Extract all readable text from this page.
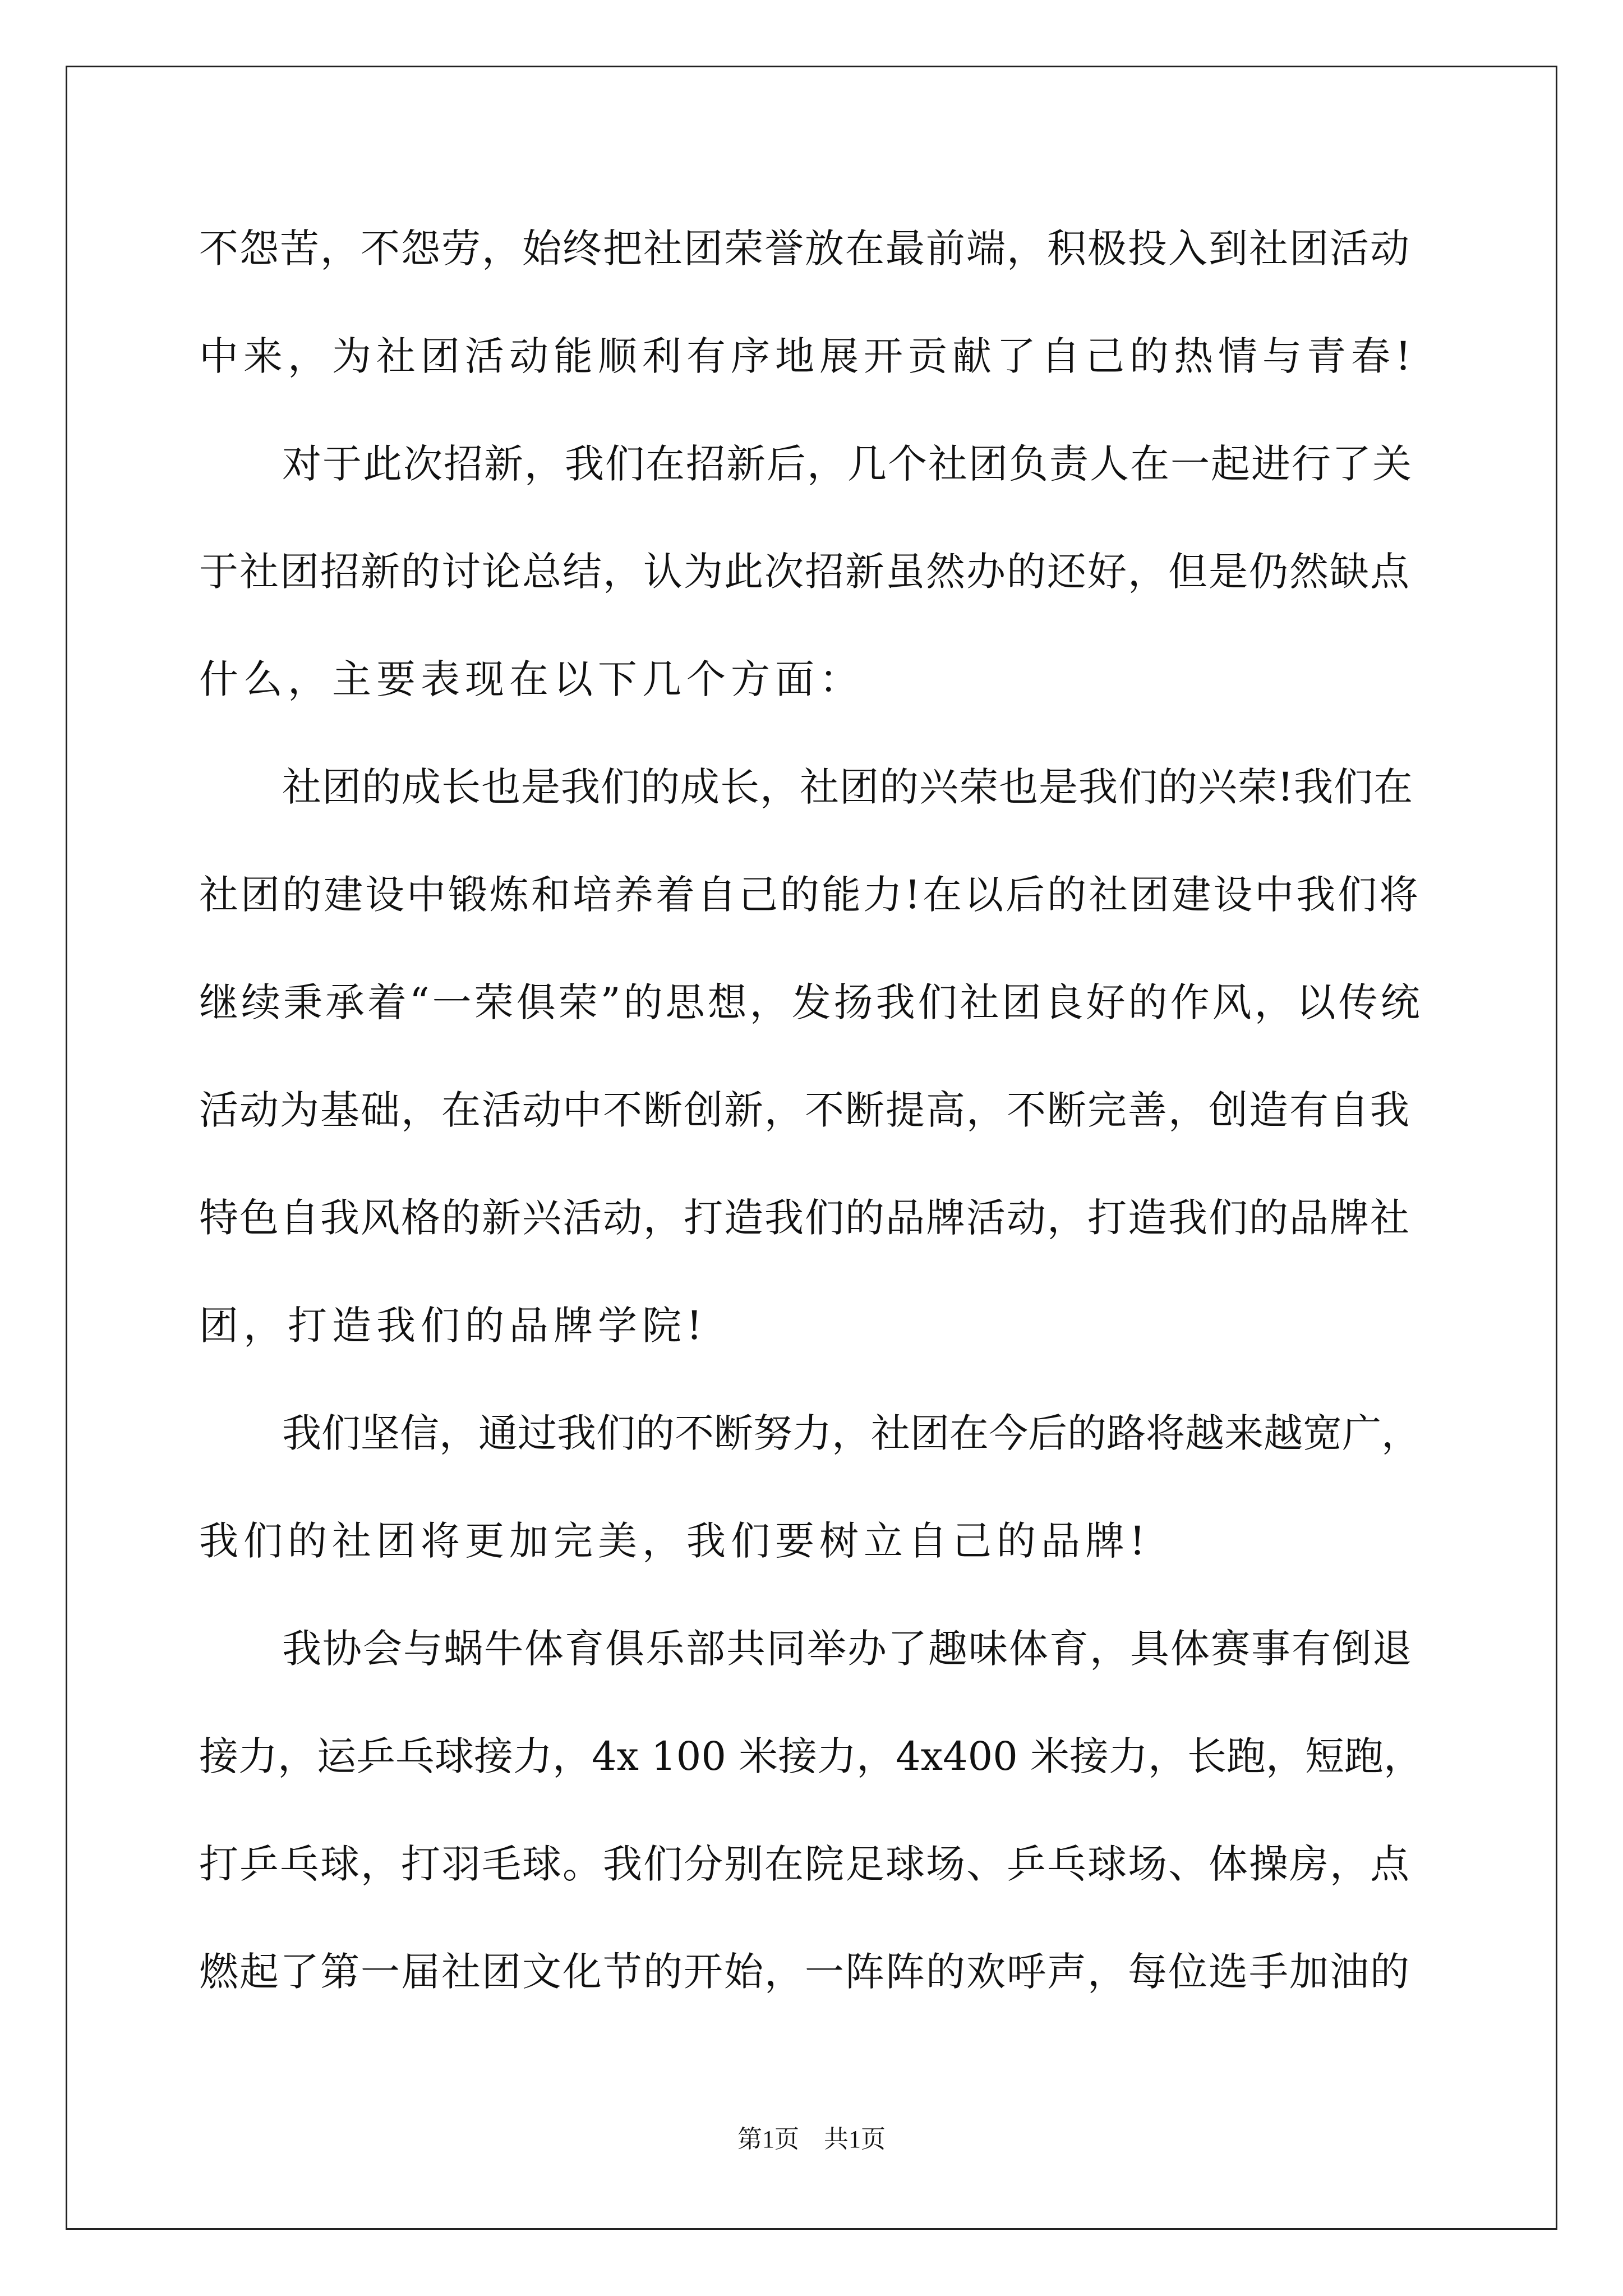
不怨苦，不怨劳，始终把社团荣誉放在最前端，积极投入到社团活动
中来，为社团活动能顺利有序地展开贡献了自己的热情与青春!
对于此次招新，我们在招新后，几个社团负责人在一起进行了关
于社团招新的讨论总结，认为此次招新虽然办的还好，但是仍然缺点
什么，主要表现在以下几个方面：
社团的成长也是我们的成长，社团的兴荣也是我们的兴荣!我们在
社团的建设中锻炼和培养着自己的能力!在以后的社团建设中我们将
继续秉承着“一荣俱荣”的思想，发扬我们社团良好的作风，以传统
活动为基础，在活动中不断创新，不断提高，不断完善，创造有自我
特色自我风格的新兴活动，打造我们的品牌活动，打造我们的品牌社
团，打造我们的品牌学院!
我们坚信，通过我们的不断努力，社团在今后的路将越来越宽广，
我们的社团将更加完美，我们要树立自己的品牌!
我协会与蜗牛体育俱乐部共同举办了趣味体育，具体赛事有倒退
接力，运乒乓球接力，4x 100 米接力，4x400 米接力，长跑，短跑，
打乒乓球，打羽毛球。我们分别在院足球场、乒乓球场、体操房，点
燃起了第一届社团文化节的开始，一阵阵的欢呼声，每位选手加油的
第1页 共1页
